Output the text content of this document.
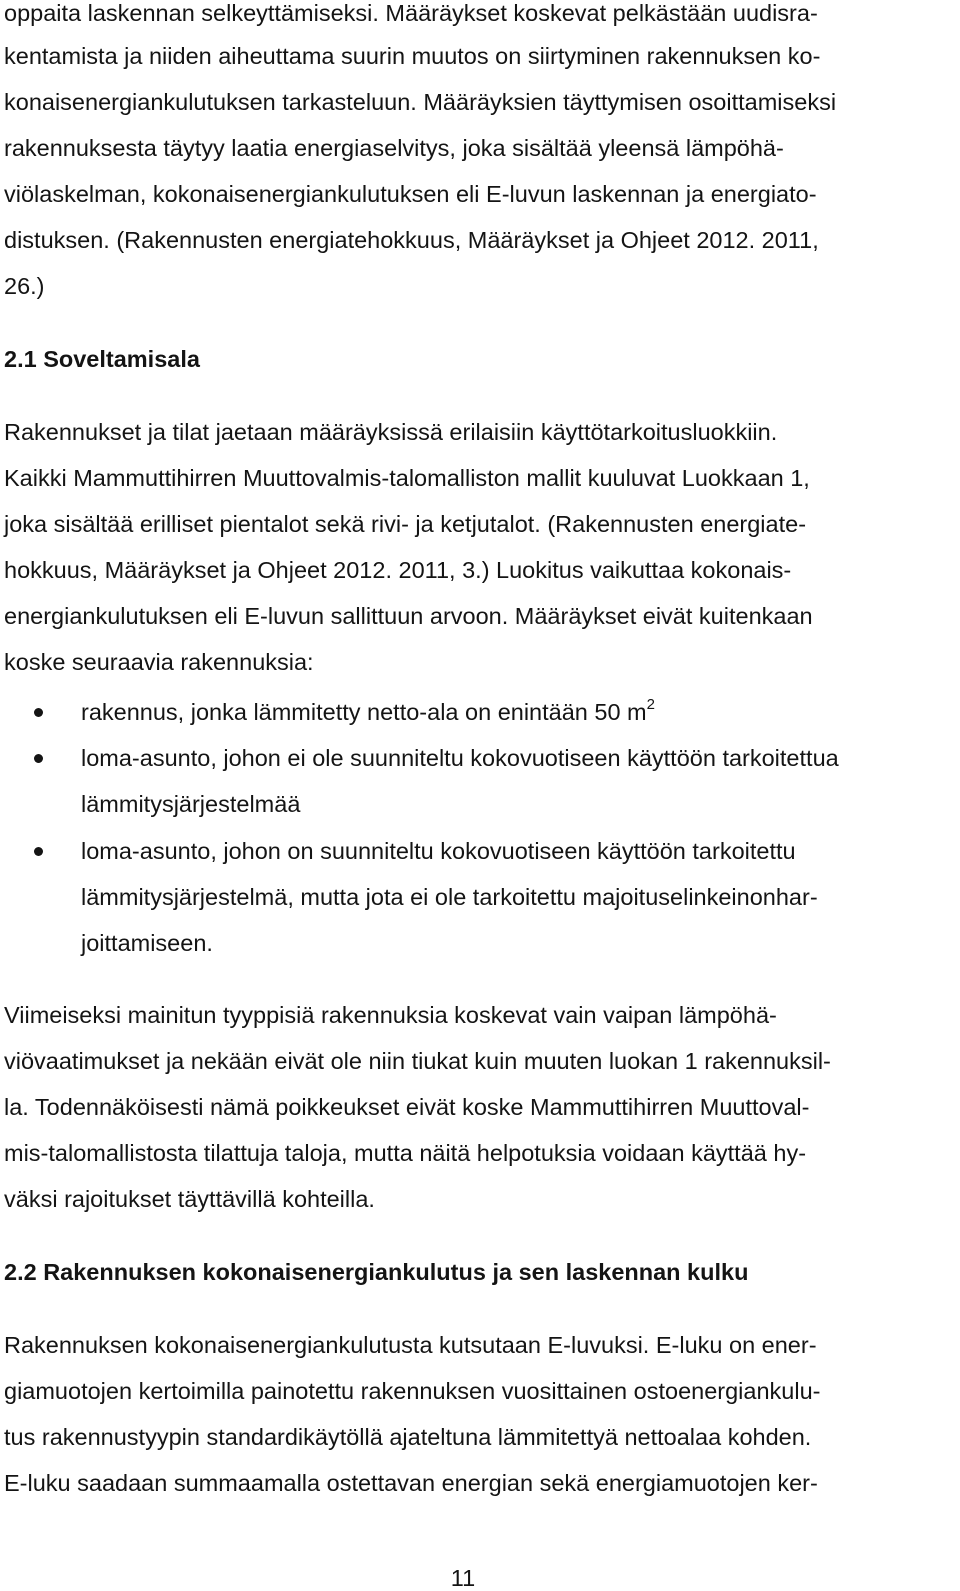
oppaita laskennan selkeyttämiseksi. Määräykset koskevat pelkästään uudisra-
kentamista ja niiden aiheuttama suurin muutos on siirtyminen rakennuksen ko-
konaisenergiankulutuksen tarkasteluun. Määräyksien täyttymisen osoittamiseksi
rakennuksesta täytyy laatia energiaselvitys, joka sisältää yleensä lämpöhä-
viölaskelman, kokonaisenergiankulutuksen eli E-luvun laskennan ja energiato-
distuksen. (Rakennusten energiatehokkuus, Määräykset ja Ohjeet 2012. 2011,
26.)
2.1 Soveltamisala
Rakennukset ja tilat jaetaan määräyksissä erilaisiin käyttötarkoitusluokkiin.
Kaikki Mammuttihirren Muuttovalmis-talomalliston mallit kuuluvat Luokkaan 1,
joka sisältää erilliset pientalot sekä rivi- ja ketjutalot. (Rakennusten energiate-
hokkuus, Määräykset ja Ohjeet 2012. 2011, 3.) Luokitus vaikuttaa kokonais-
energiankulutuksen eli E-luvun sallittuun arvoon. Määräykset eivät kuitenkaan
koske seuraavia rakennuksia:
rakennus, jonka lämmitetty netto-ala on enintään 50 $m^2$
loma-asunto, johon ei ole suunniteltu kokovuotiseen käyttöön tarkoitettua
lämmitysjärjestelmää
loma-asunto, johon on suunniteltu kokovuotiseen käyttöön tarkoitettu
lämmitysjärjestelmä, mutta jota ei ole tarkoitettu majoituselinkeinonhar-
joittamiseen.
Viimeiseksi mainitun tyyppisiä rakennuksia koskevat vain vaipan lämpöhä-
viövaatimukset ja nekään eivät ole niin tiukat kuin muuten luokan 1 rakennuksil-
la. Todennäköisesti nämä poikkeukset eivät koske Mammuttihirren Muuttoval-
mis-talomallistosta tilattuja taloja, mutta näitä helpotuksia voidaan käyttää hy-
väksi rajoitukset täyttävillä kohteilla.
2.2 Rakennuksen kokonaisenergiankulutus ja sen laskennan kulku
Rakennuksen kokonaisenergiankulutusta kutsutaan E-luvuksi. E-luku on ener-
giamuotojen kertoimilla painotettu rakennuksen vuosittainen ostoenergiankulu-
tus rakennustyypin standardikäytöllä ajateltuna lämmitettyä nettoalaa kohden.
E-luku saadaan summaamalla ostettavan energian sekä energiamuotojen ker-
11
